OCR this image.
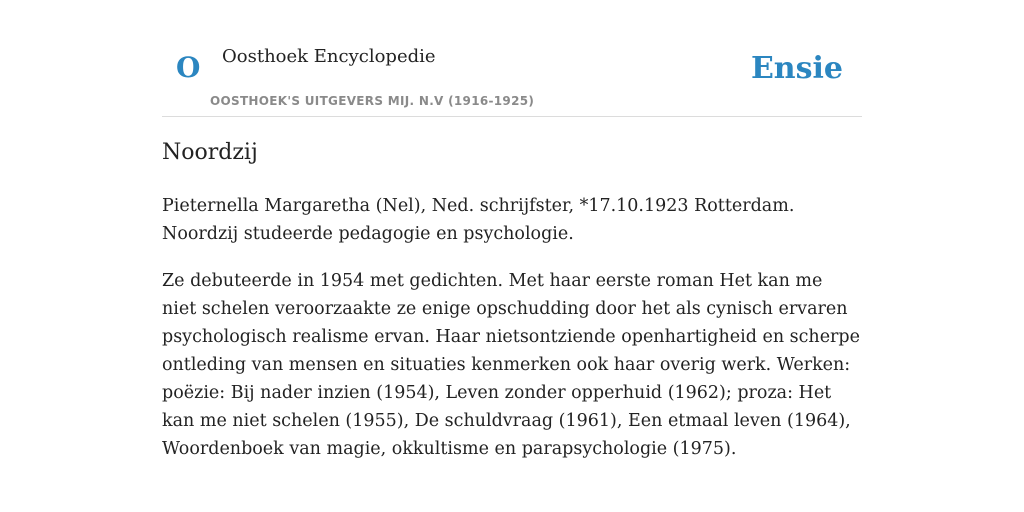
O Oosthoek Encyclopedie
OOSTHOEK'S UITGEVERS MIJ. N.V (1916-1925)
Ensie
Noordzij

Pieternella Margaretha (Nel), Ned. schrijfster, *17.10.1923 Rotterdam. Noordzij studeerde pedagogie en psychologie.

Ze debuteerde in 1954 met gedichten. Met haar eerste roman Het kan me niet schelen veroorzaakte ze enige opschudding door het als cynisch ervaren psychologisch realisme ervan. Haar nietsontziende openhartigheid en scherpe ontleding van mensen en situaties kenmerken ook haar overig werk. Werken: poëzie: Bij nader inzien (1954), Leven zonder opperhuid (1962); proza: Het kan me niet schelen (1955), De schuldvraag (1961), Een etmaal leven (1964), Woordenboek van magie, okkultisme en parapsychologie (1975).
